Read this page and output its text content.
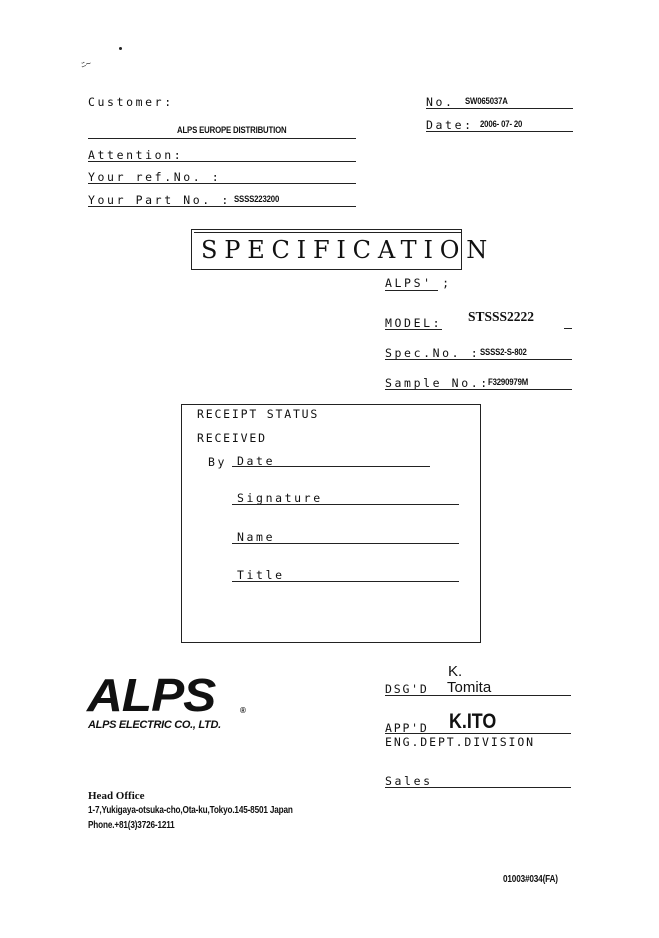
ﾆ~
Customer:
ALPS EUROPE DISTRIBUTION
Attention:
Your ref.No. :
Your Part No. : SSSS223200
No. SW065037A
Date: 2006- 07- 20
SPECIFICATION
ALPS' ;
MODEL: STSSS2222
Spec.No. : SSSS2-S-802
Sample No.:
F3290979M
RECEIPT STATUS
RECEIVED
By Date
Signature
Name
Title
ALPS	®
ALPS ELECTRIC CO., LTD.
Head Office
1-7,Yukigaya-otsuka-cho,Ota-ku,Tokyo.145-8501 Japan
Phone.+81(3)3726-1211
K.
DSG'D Tomita
APP'D K.ITO
ENG.DEPT.DIVISION
Sales
01003#034(FA)
